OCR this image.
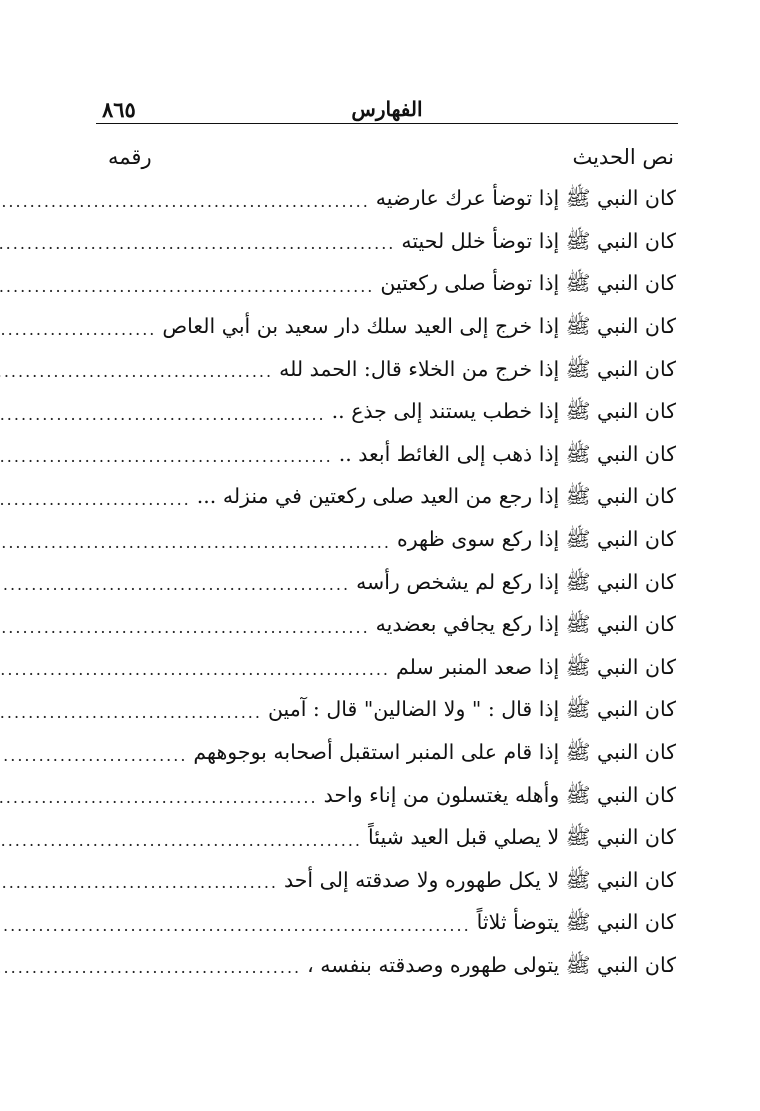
الفهارس
٨٦٥
نص الحديث
رقمه
كان النبي ﷺ إذا توضأ عرك عارضيه
.....
كان النبي ﷺ إذا توضأ خلل لحيته
.....
كان النبي ﷺ إذا توضأ صلى ركعتين
.....
كان النبي ﷺ إذا خرج إلى العيد سلك دار سعيد بن أبي العاص
.....
كان النبي ﷺ إذا خرج من الخلاء قال: الحمد لله
.....
كان النبي ﷺ إذا خطب يستند إلى جذع ..
.....
كان النبي ﷺ إذا ذهب إلى الغائط أبعد ..
.....
كان النبي ﷺ إذا رجع من العيد صلى ركعتين في منزله ...
.....
كان النبي ﷺ إذا ركع سوى ظهره
.....
كان النبي ﷺ إذا ركع لم يشخص رأسه
.....
كان النبي ﷺ إذا ركع يجافي بعضديه
.....
كان النبي ﷺ إذا صعد المنبر سلم
.....
كان النبي ﷺ إذا قال : " ولا الضالين" قال : آمين
.....
كان النبي ﷺ إذا قام على المنبر استقبل أصحابه بوجوههم
.....
كان النبي ﷺ وأهله يغتسلون من إناء واحد
.....
كان النبي ﷺ لا يصلي قبل العيد شيئاً
.....
كان النبي ﷺ لا يكل طهوره ولا صدقته إلى أحد
.....
كان النبي ﷺ يتوضأ ثلاثاً
.....
كان النبي ﷺ يتولى طهوره وصدقته بنفسه ،
.....
